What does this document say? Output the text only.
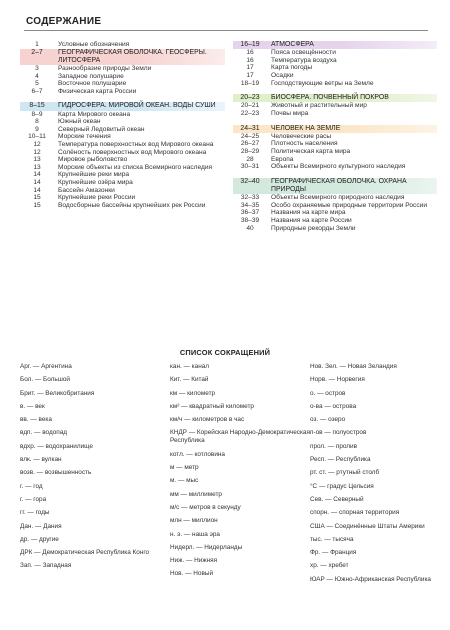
СОДЕРЖАНИЕ
1	Условные обозначения
2–7	ГЕОГРАФИЧЕСКАЯ ОБОЛОЧКА. ГЕОСФЕРЫ. ЛИТОСФЕРА
3	Разнообразие природы Земли
4	Западное полушарие
5	Восточное полушарие
6–7	Физическая карта России
8–15	ГИДРОСФЕРА. МИРОВОЙ ОКЕАН. ВОДЫ СУШИ
8–9	Карта Мирового океана
8	Южный океан
9	Северный Ледовитый океан
10–11	Морские течения
12	Температура поверхностных вод Мирового океана
12	Солёность поверхностных вод Мирового океана
13	Мировое рыболовство
13	Морские объекты из списка Всемирного наследия
14	Крупнейшие реки мира
14	Крупнейшие озёра мира
14	Бассейн Амазонки
15	Крупнейшие реки России
15	Водосборные бассейны крупнейших рек России
16–19	АТМОСФЕРА
16	Пояса освещённости
16	Температура воздуха
17	Карта погоды
17	Осадки
18–19	Господствующие ветры на Земле
20–23	БИОСФЕРА. ПОЧВЕННЫЙ ПОКРОВ
20–21	Животный и растительный мир
22–23	Почвы мира
24–31	ЧЕЛОВЕК НА ЗЕМЛЕ
24–25	Человеческие расы
26–27	Плотность населения
28–29	Политическая карта мира
28	Европа
30–31	Объекты Всемирного культурного наследия
32–40	ГЕОГРАФИЧЕСКАЯ ОБОЛОЧКА. ОХРАНА ПРИРОДЫ
32–33	Объекты Всемирного природного наследия
34–35	Особо охраняемые природные территории России
36–37	Названия на карте мира
38–39	Названия на карте России
40	Природные рекорды Земли
СПИСОК СОКРАЩЕНИЙ
Арг. — Аргентина
Бол. — Большой
Брит. — Великобритания
в. — век
вв. — века
вдп. — водопад
вдхр. — водохранилище
влк. — вулкан
возв. — возвышенность
г. — год
г. — гора
гг. — годы
Дан. — Дания
др. — другие
ДРК — Демократическая Республика Конго
Зап. — Западная
кан. — канал
Кит. — Китай
км — километр
км² — квадратный километр
км/ч — километров в час
КНДР — Корейская Народно-Демократическая Республика
котл. — котловина
м — метр
м. — мыс
мм — миллиметр
м/с — метров в секунду
млн — миллион
н. э. — наша эра
Нидерл. — Нидерланды
Ниж. — Нижняя
Нов. — Новый
Нов. Зел. — Новая Зеландия
Норв. — Норвегия
о. — остров
о-ва — острова
оз. — озеро
п-ов — полуостров
прол. — пролив
Респ. — Республика
рт. ст. — ртутный столб
°С — градус Цельсия
Сев. — Северный
спорн. — спорная территория
США — Соединённые Штаты Америки
тыс. — тысяча
Фр. — Франция
хр. — хребет
ЮАР — Южно-Африканская Республика
